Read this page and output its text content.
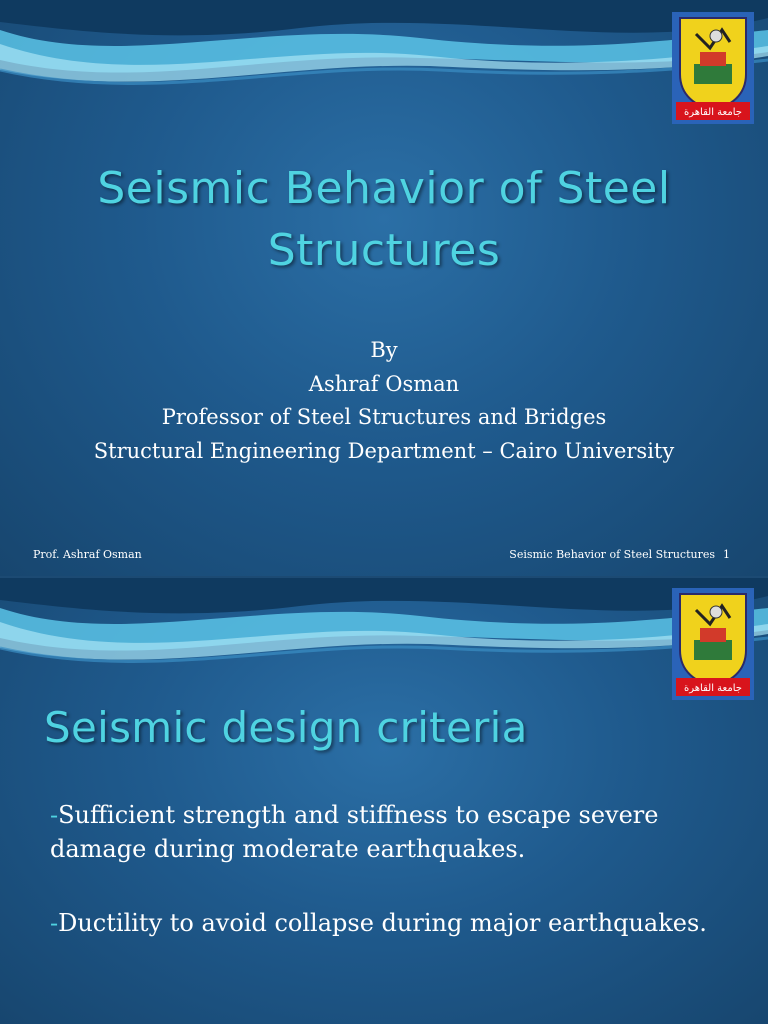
جامعة القاهرة
Seismic Behavior of Steel Structures
By
Ashraf Osman
Professor of Steel Structures and Bridges
Structural Engineering Department – Cairo University
Prof. Ashraf Osman	Seismic Behavior of Steel Structures 1
جامعة القاهرة
Seismic design criteria

-Sufficient strength and stiffness to escape severe damage during moderate earthquakes.

-Ductility to avoid collapse during major earthquakes.
